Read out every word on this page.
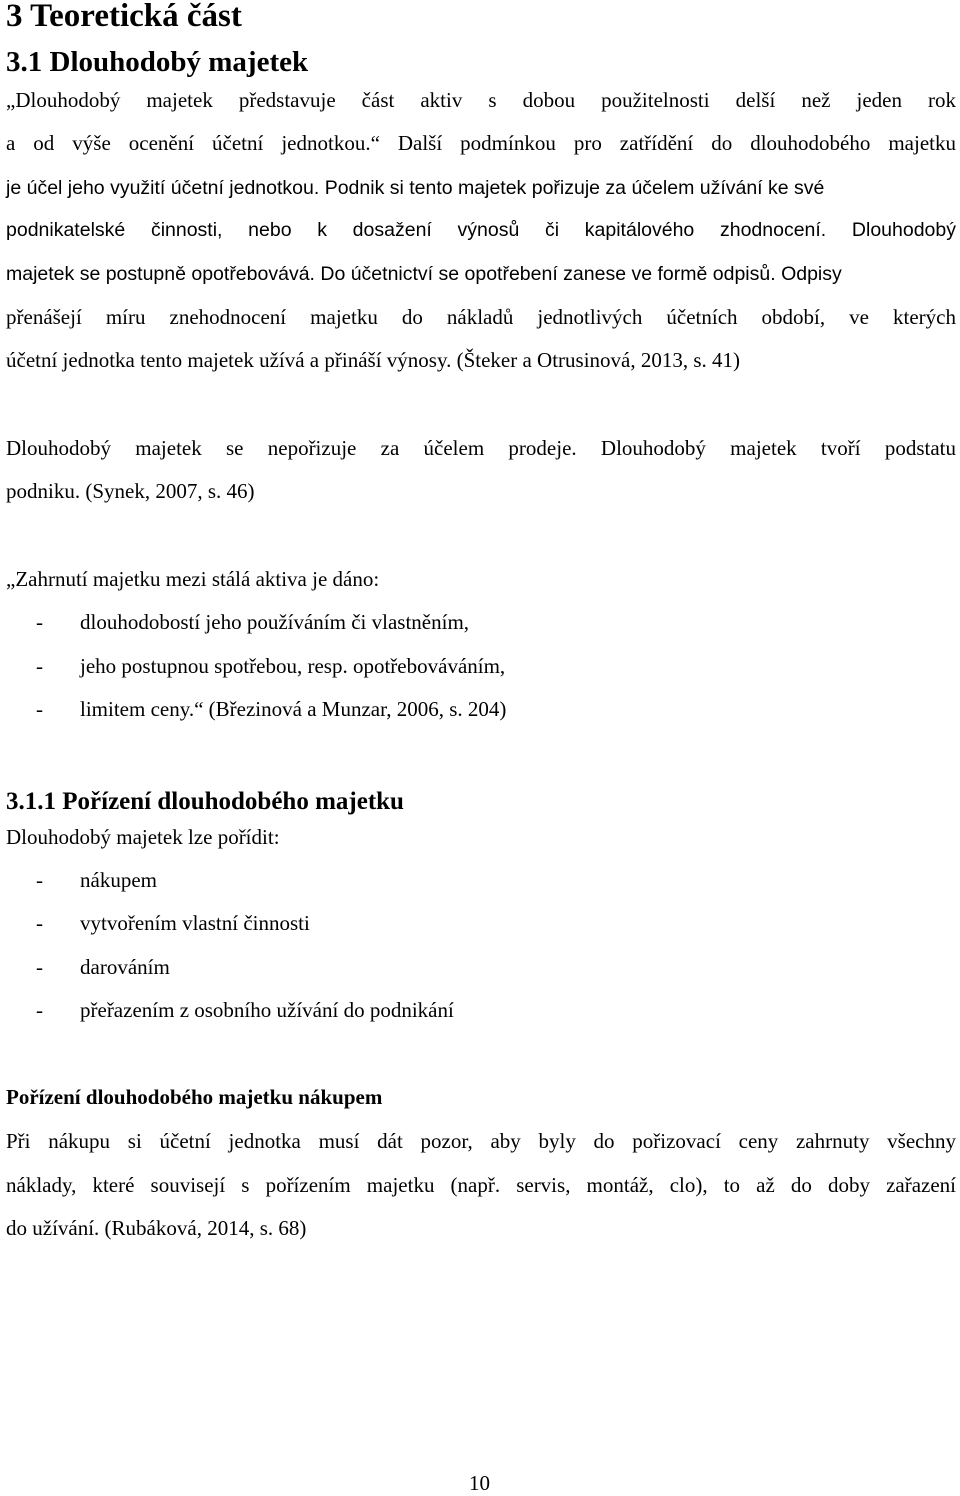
3 Teoretická část
3.1 Dlouhodobý majetek

„Dlouhodobý majetek představuje část aktiv s dobou použitelnosti delší než jeden rok

a od výše ocenění účetní jednotkou.“ Další podmínkou pro zatřídění do dlouhodobého majetku

je účel jeho využití účetní jednotkou. Podnik si tento majetek pořizuje za účelem užívání ke své

podnikatelské činnosti, nebo k dosažení výnosů či kapitálového zhodnocení. Dlouhodobý

majetek se postupně opotřebovává. Do účetnictví se opotřebení zanese ve formě odpisů. Odpisy

přenášejí míru znehodnocení majetku do nákladů jednotlivých účetních období, ve kterých

účetní jednotka tento majetek užívá a přináší výnosy. (Šteker a Otrusinová, 2013, s. 41)

Dlouhodobý majetek se nepořizuje za účelem prodeje. Dlouhodobý majetek tvoří podstatu

podniku. (Synek, 2007, s. 46)

„Zahrnutí majetku mezi stálá aktiva je dáno:

- dlouhodobostí jeho používáním či vlastněním,

- jeho postupnou spotřebou, resp. opotřebováváním,

- limitem ceny.“ (Březinová a Munzar, 2006, s. 204)

3.1.1 Pořízení dlouhodobého majetku

Dlouhodobý majetek lze pořídit:

- nákupem

- vytvořením vlastní činnosti

- darováním

- přeřazením z osobního užívání do podnikání

Pořízení dlouhodobého majetku nákupem

Při nákupu si účetní jednotka musí dát pozor, aby byly do pořizovací ceny zahrnuty všechny

náklady, které souvisejí s pořízením majetku (např. servis, montáž, clo), to až do doby zařazení

do užívání. (Rubáková, 2014, s. 68)

10
